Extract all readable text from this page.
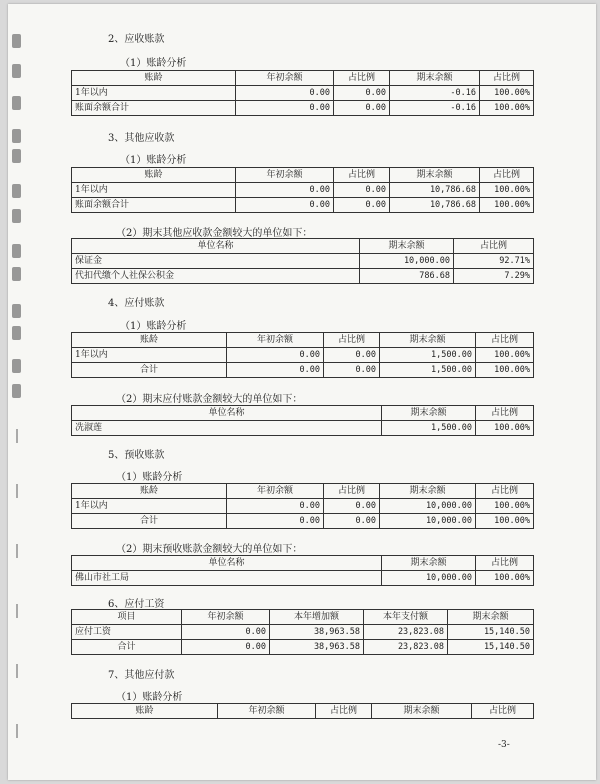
2、应收账款
（1）账龄分析
账龄	年初余额	占比例	期末余额	占比例
1年以内	0.00	0.00	-0.16	100.00%
账面余额合计	0.00	0.00	-0.16	100.00%
3、其他应收款
（1）账龄分析
账龄	年初余额	占比例	期末余额	占比例
1年以内	0.00	0.00	10,786.68	100.00%
账面余额合计	0.00	0.00	10,786.68	100.00%
（2）期末其他应收款金额较大的单位如下：
单位名称	期末余额	占比例
保证金	10,000.00	92.71%
代扣代缴个人社保公积金	786.68	7.29%
4、应付账款
（1）账龄分析
账龄	年初余额	占比例	期末余额	占比例
1年以内	0.00	0.00	1,500.00	100.00%
合计	0.00	0.00	1,500.00	100.00%
（2）期末应付账款金额较大的单位如下：
单位名称	期末余额	占比例
冼淑莲	1,500.00	100.00%
5、预收账款
（1）账龄分析
账龄	年初余额	占比例	期末余额	占比例
1年以内	0.00	0.00	10,000.00	100.00%
合计	0.00	0.00	10,000.00	100.00%
（2）期末预收账款金额较大的单位如下：
单位名称	期末余额	占比例
佛山市社工局	10,000.00	100.00%
6、应付工资
项目	年初余额	本年增加额	本年支付额	期末余额
应付工资	0.00	38,963.58	23,823.08	15,140.50
合计	0.00	38,963.58	23,823.08	15,140.50
7、其他应付款
（1）账龄分析
账龄	年初余额	占比例	期末余额	占比例
-3-
